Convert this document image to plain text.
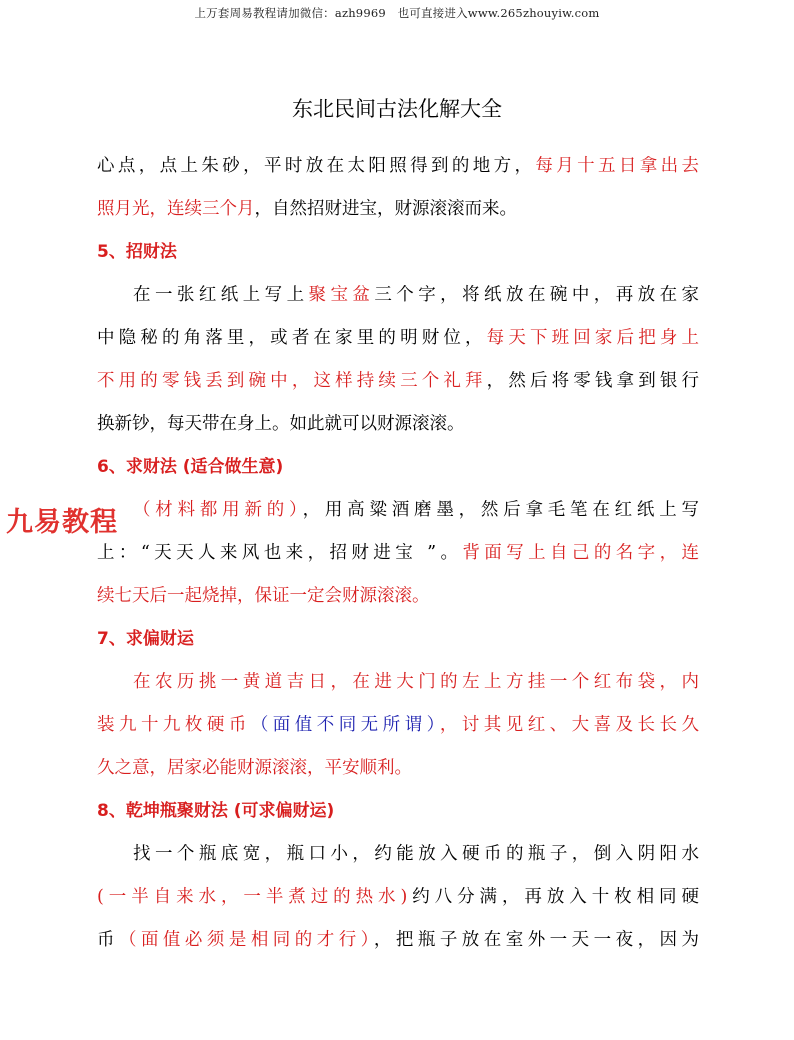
上万套周易教程请加微信：azh9969　也可直接进入www.265zhouyiw.com
东北民间古法化解大全
心点，点上朱砂，平时放在太阳照得到的地方，每月十五日拿出去
照月光，连续三个月，自然招财进宝，财源滚滚而来。
5、招财法
在一张红纸上写上聚宝盆三个字，将纸放在碗中，再放在家
中隐秘的角落里，或者在家里的明财位，每天下班回家后把身上
不用的零钱丢到碗中，这样持续三个礼拜，然后将零钱拿到银行
换新钞，每天带在身上。如此就可以财源滚滚。
6、求财法 (适合做生意)
（材料都用新的），用高粱酒磨墨，然后拿毛笔在红纸上写
上：“天天人来风也来，招财进宝 ”。背面写上自己的名字，连
续七天后一起烧掉，保证一定会财源滚滚。
7、求偏财运
在农历挑一黄道吉日，在进大门的左上方挂一个红布袋，内
装九十九枚硬币（面值不同无所谓），讨其见红、大喜及长长久
久之意，居家必能财源滚滚，平安顺利。
8、乾坤瓶聚财法 (可求偏财运)
找一个瓶底宽，瓶口小，约能放入硬币的瓶子，倒入阴阳水
(一半自来水，一半煮过的热水)约八分满，再放入十枚相同硬
币（面值必须是相同的才行），把瓶子放在室外一天一夜，因为
九易教程
